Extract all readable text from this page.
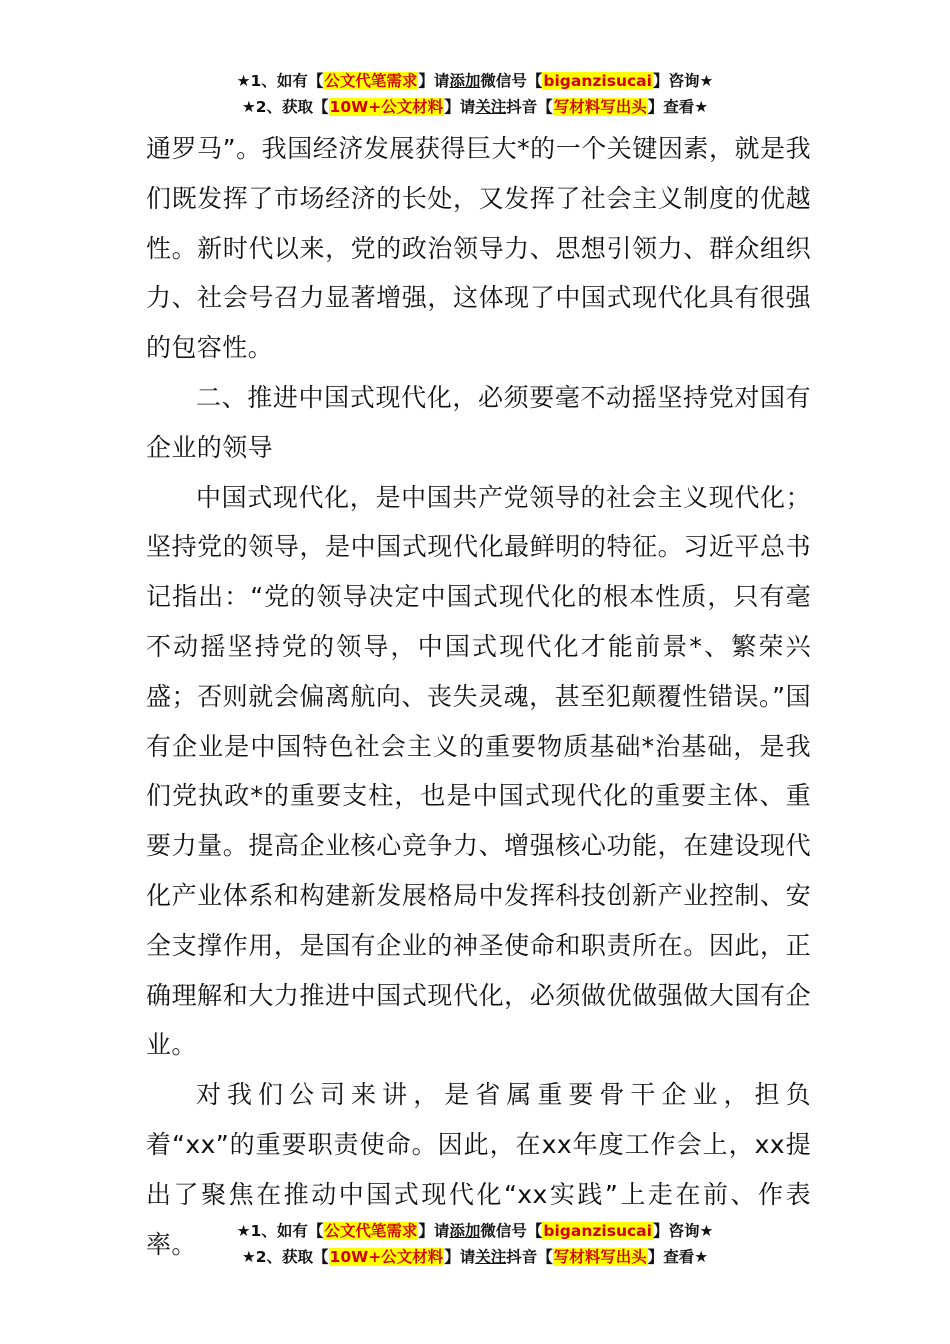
★1、如有【公文代笔需求】请添加微信号【biganzisucai】咨询★
★2、获取【10W+公文材料】请关注抖音【写材料写出头】查看★

通罗马”。我国经济发展获得巨大*的一个关键因素，就是我们既发挥了市场经济的长处，又发挥了社会主义制度的优越性。新时代以来，党的政治领导力、思想引领力、群众组织力、社会号召力显著增强，这体现了中国式现代化具有很强的包容性。

二、推进中国式现代化，必须要毫不动摇坚持党对国有企业的领导

中国式现代化，是中国共产党领导的社会主义现代化；坚持党的领导，是中国式现代化最鲜明的特征。习近平总书记指出：“党的领导决定中国式现代化的根本性质，只有毫不动摇坚持党的领导，中国式现代化才能前景*、繁荣兴盛；否则就会偏离航向、丧失灵魂，甚至犯颠覆性错误。”国有企业是中国特色社会主义的重要物质基础*治基础，是我们党执政*的重要支柱，也是中国式现代化的重要主体、重要力量。提高企业核心竞争力、增强核心功能，在建设现代化产业体系和构建新发展格局中发挥科技创新产业控制、安全支撑作用，是国有企业的神圣使命和职责所在。因此，正确理解和大力推进中国式现代化，必须做优做强做大国有企业。

对我们公司来讲，是省属重要骨干企业，担负着“xx”的重要职责使命。因此，在xx年度工作会上，xx提出了聚焦在推动中国式现代化“xx实践”上走在前、作表率。	★1、如有【公文代笔需求】请添加微信号【biganzisucai】咨询★
★2、获取【10W+公文材料】请关注抖音【写材料写出头】查看★
